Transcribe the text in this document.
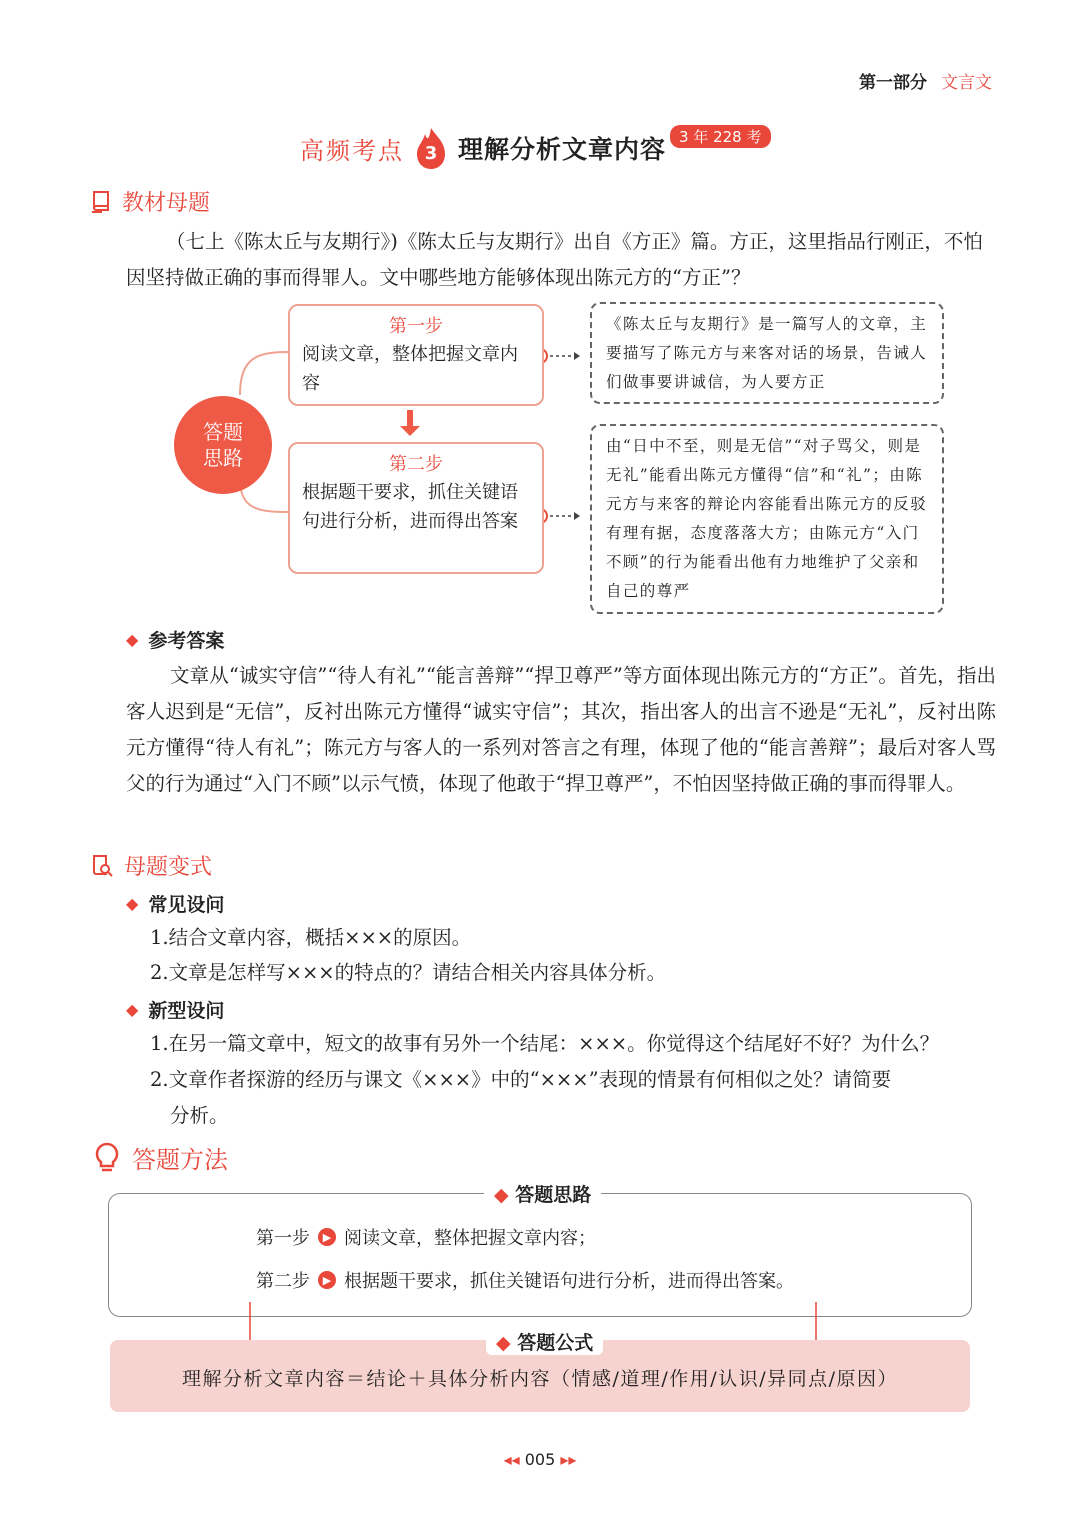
第一部分 文言文
高频考点	3 理解分析文章内容 3 年 228 考
教材母题
（七上《陈太丘与友期行》)《陈太丘与友期行》出自《方正》篇。方正，这里指品行刚正，不怕
因坚持做正确的事而得罪人。文中哪些地方能够体现出陈元方的“方正”？
答题
思路
第一步
阅读文章，整体把握文章内容
第二步
根据题干要求，抓住关键语句进行分析，进而得出答案
《陈太丘与友期行》是一篇写人的文章，主要描写了陈元方与来客对话的场景，告诫人们做事要讲诚信，为人要方正
由“日中不至，则是无信”“对子骂父，则是无礼”能看出陈元方懂得“信”和“礼”；由陈元方与来客的辩论内容能看出陈元方的反驳有理有据，态度落落大方；由陈元方“入门不顾”的行为能看出他有力地维护了父亲和自己的尊严
◆ 参考答案
文章从“诚实守信”“待人有礼”“能言善辩”“捍卫尊严”等方面体现出陈元方的“方正”。首先，指出客人迟到是“无信”，反衬出陈元方懂得“诚实守信”；其次，指出客人的出言不逊是“无礼”，反衬出陈元方懂得“待人有礼”；陈元方与客人的一系列对答言之有理，体现了他的“能言善辩”；最后对客人骂父的行为通过“入门不顾”以示气愤，体现了他敢于“捍卫尊严”，不怕因坚持做正确的事而得罪人。
母题变式
◆ 常见设问
1.结合文章内容，概括×××的原因。
2.文章是怎样写×××的特点的？请结合相关内容具体分析。
◆ 新型设问
1.在另一篇文章中，短文的故事有另外一个结尾：×××。你觉得这个结尾好不好？为什么？
2.文章作者探游的经历与课文《×××》中的“×××”表现的情景有何相似之处？请简要
分析。
答题方法
◆ 答题思路
第一步	▶ 阅读文章，整体把握文章内容；
第二步	▶ 根据题干要求，抓住关键语句进行分析，进而得出答案。
◆ 答题公式
理解分析文章内容＝结论＋具体分析内容（情感/道理/作用/认识/异同点/原因）
◂◂ 005 ▸▸
